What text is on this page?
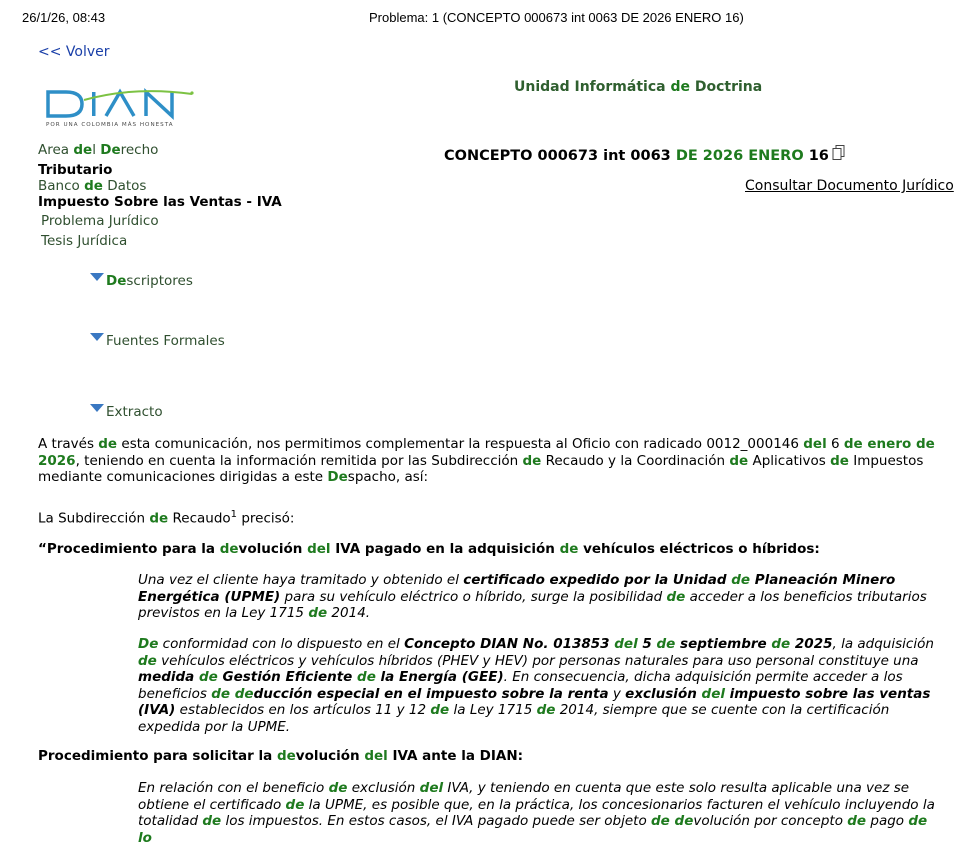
26/1/26, 08:43	Problema: 1 (CONCEPTO 000673 int 0063 DE 2026 ENERO 16)
<< Volver
POR UNA COLOMBIA MÁS HONESTA
Unidad Informática de Doctrina
CONCEPTO 000673 int 0063 DE 2026 ENERO 16
Consultar Documento Jurídico
Area del Derecho
Tributario
Banco de Datos
Impuesto Sobre las Ventas - IVA
Problema Jurídico
Tesis Jurídica
Descriptores
Fuentes Formales
Extracto
A través de esta comunicación, nos permitimos complementar la respuesta al Oficio con radicado 0012_000146 del 6 de enero de
2026, teniendo en cuenta la información remitida por las Subdirección de Recaudo y la Coordinación de Aplicativos de Impuestos
mediante comunicaciones dirigidas a este Despacho, así:
La Subdirección de Recaudo$^1$ precisó:
“Procedimiento para la devolución del IVA pagado en la adquisición de vehículos eléctricos o híbridos:
Una vez el cliente haya tramitado y obtenido el certificado expedido por la Unidad de Planeación Minero
Energética (UPME) para su vehículo eléctrico o híbrido, surge la posibilidad de acceder a los beneficios tributarios
previstos en la Ley 1715 de 2014.
De conformidad con lo dispuesto en el Concepto DIAN No. 013853 del 5 de septiembre de 2025, la adquisición
de vehículos eléctricos y vehículos híbridos (PHEV y HEV) por personas naturales para uso personal constituye una
medida de Gestión Eficiente de la Energía (GEE). En consecuencia, dicha adquisición permite acceder a los
beneficios de deducción especial en el impuesto sobre la renta y exclusión del impuesto sobre las ventas
(IVA) establecidos en los artículos 11 y 12 de la Ley 1715 de 2014, siempre que se cuente con la certificación
expedida por la UPME.
Procedimiento para solicitar la devolución del IVA ante la DIAN:
En relación con el beneficio de exclusión del IVA, y teniendo en cuenta que este solo resulta aplicable una vez se
obtiene el certificado de la UPME, es posible que, en la práctica, los concesionarios facturen el vehículo incluyendo la
totalidad de los impuestos. En estos casos, el IVA pagado puede ser objeto de devolución por concepto de pago de lo
